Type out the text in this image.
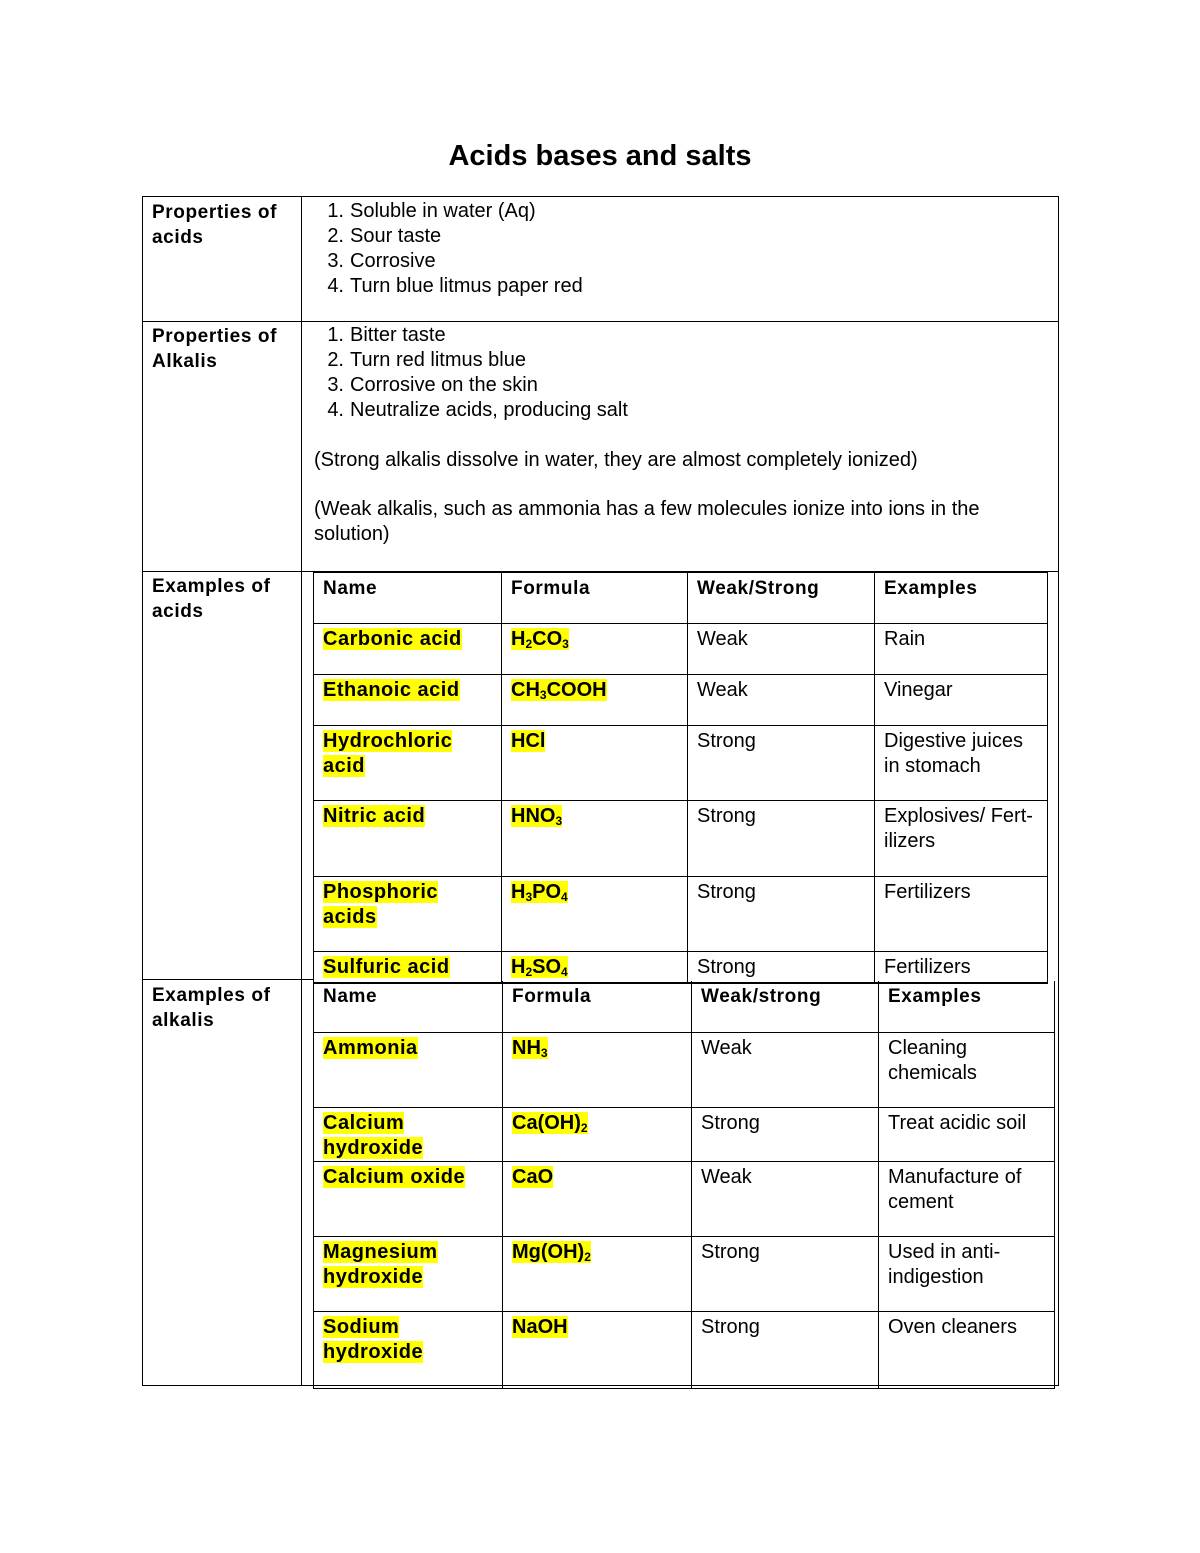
Acids bases and salts
Properties of acids
1. Soluble in water (Aq)
2. Sour taste
3. Corrosive
4. Turn blue litmus paper red
Properties of Alkalis
1. Bitter taste
2. Turn red litmus blue
3. Corrosive on the skin
4. Neutralize acids, producing salt
(Strong alkalis dissolve in water, they are almost completely ionized)
(Weak alkalis, such as ammonia has a few molecules ionize into ions in the solution)
Examples of acids
Name	Formula	Weak/Strong	Examples
Carbonic acid	$H_2CO_3$	Weak	Rain
Ethanoic acid	$CH_3COOH$	Weak	Vinegar
Hydrochloric acid	HCl	Strong	Digestive juices in stomach
Nitric acid	$HNO_3$	Strong	Explosives/ Fert-ilizers
Phosphoric acids	$H_3PO_4$	Strong	Fertilizers
Sulfuric acid	$H_2SO_4$	Strong	Fertilizers
Examples of alkalis
Name	Formula	Weak/strong	Examples
Ammonia	$NH_3$	Weak	Cleaning chemicals
Calcium hydroxide	$Ca(OH)_2$	Strong	Treat acidic soil
Calcium oxide	CaO	Weak	Manufacture of cement
Magnesium hydroxide	$Mg(OH)_2$	Strong	Used in anti-indigestion
Sodium hydroxide	NaOH	Strong	Oven cleaners
